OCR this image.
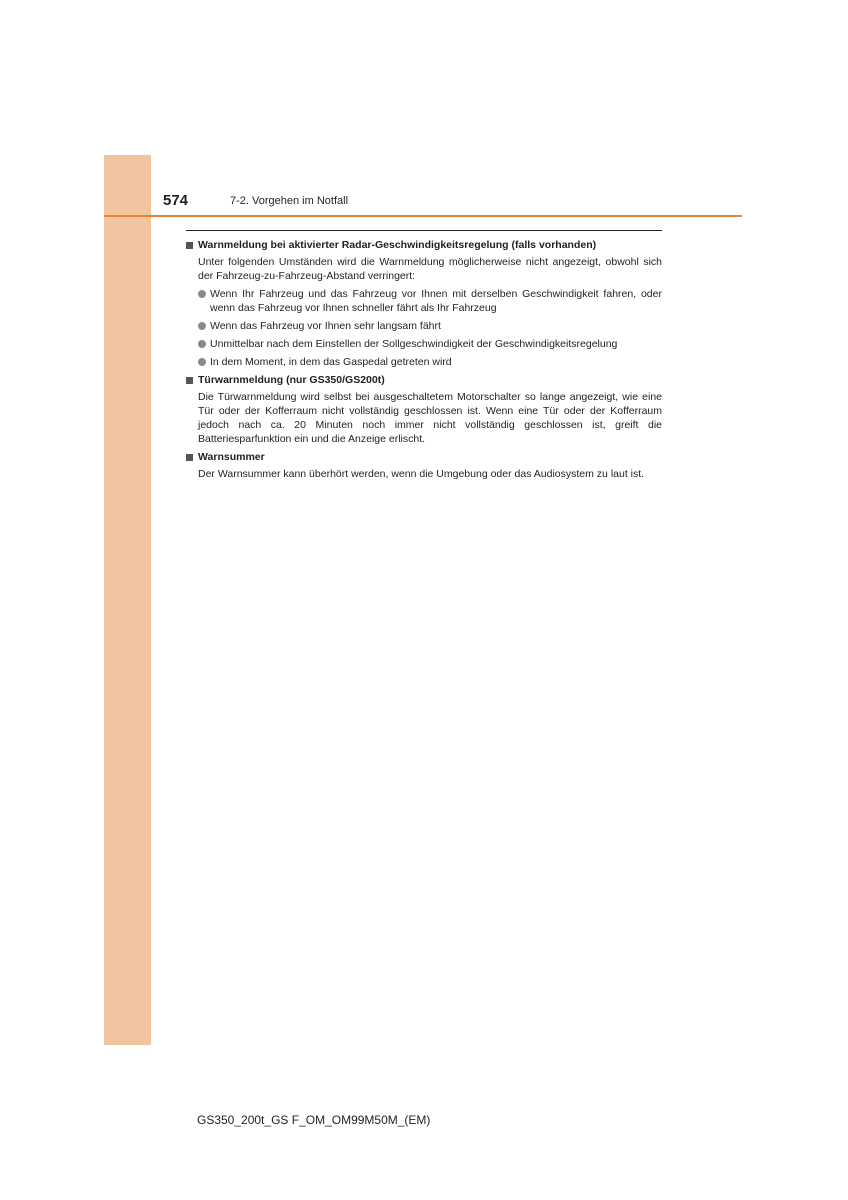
574	7-2. Vorgehen im Notfall
Warnmeldung bei aktivierter Radar-Geschwindigkeitsregelung (falls vorhanden)
Unter folgenden Umständen wird die Warnmeldung möglicherweise nicht angezeigt, obwohl sich der Fahrzeug-zu-Fahrzeug-Abstand verringert:
Wenn Ihr Fahrzeug und das Fahrzeug vor Ihnen mit derselben Geschwindigkeit fahren, oder wenn das Fahrzeug vor Ihnen schneller fährt als Ihr Fahrzeug
Wenn das Fahrzeug vor Ihnen sehr langsam fährt
Unmittelbar nach dem Einstellen der Sollgeschwindigkeit der Geschwindigkeitsregelung
In dem Moment, in dem das Gaspedal getreten wird
Türwarnmeldung (nur GS350/GS200t)
Die Türwarnmeldung wird selbst bei ausgeschaltetem Motorschalter so lange angezeigt, wie eine Tür oder der Kofferraum nicht vollständig geschlossen ist. Wenn eine Tür oder der Kofferraum jedoch nach ca. 20 Minuten noch immer nicht vollständig geschlossen ist, greift die Batteriesparfunktion ein und die Anzeige erlischt.
Warnsummer
Der Warnsummer kann überhört werden, wenn die Umgebung oder das Audiosystem zu laut ist.
GS350_200t_GS F_OM_OM99M50M_(EM)
